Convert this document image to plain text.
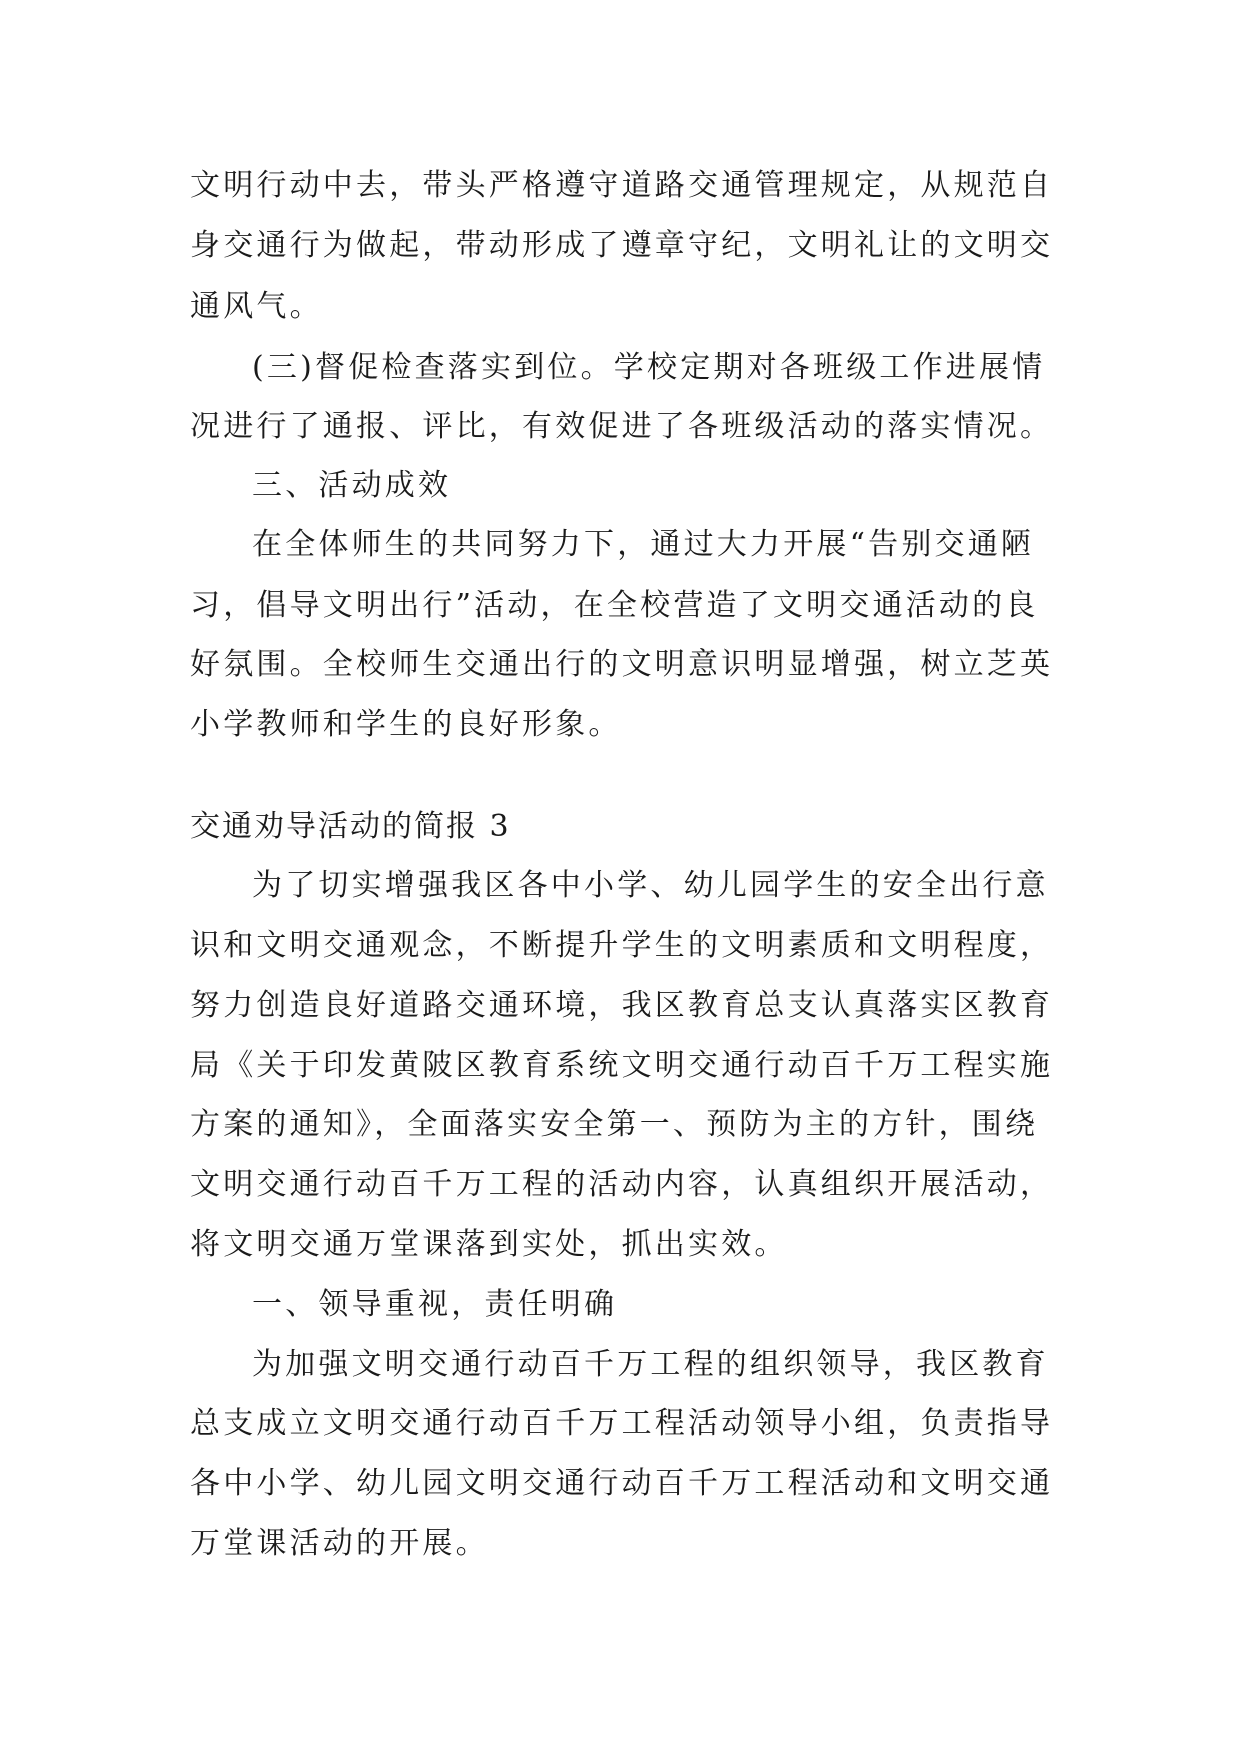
文明行动中去，带头严格遵守道路交通管理规定，从规范自
身交通行为做起，带动形成了遵章守纪，文明礼让的文明交
通风气。
(三)督促检查落实到位。学校定期对各班级工作进展情
况进行了通报、评比，有效促进了各班级活动的落实情况。
三、活动成效
在全体师生的共同努力下，通过大力开展“告别交通陋
习，倡导文明出行”活动，在全校营造了文明交通活动的良
好氛围。全校师生交通出行的文明意识明显增强，树立芝英
小学教师和学生的良好形象。
交通劝导活动的简报 3
为了切实增强我区各中小学、幼儿园学生的安全出行意
识和文明交通观念，不断提升学生的文明素质和文明程度，
努力创造良好道路交通环境，我区教育总支认真落实区教育
局《关于印发黄陂区教育系统文明交通行动百千万工程实施
方案的通知》，全面落实安全第一、预防为主的方针，围绕
文明交通行动百千万工程的活动内容，认真组织开展活动，
将文明交通万堂课落到实处，抓出实效。
一、领导重视，责任明确
为加强文明交通行动百千万工程的组织领导，我区教育
总支成立文明交通行动百千万工程活动领导小组，负责指导
各中小学、幼儿园文明交通行动百千万工程活动和文明交通
万堂课活动的开展。
